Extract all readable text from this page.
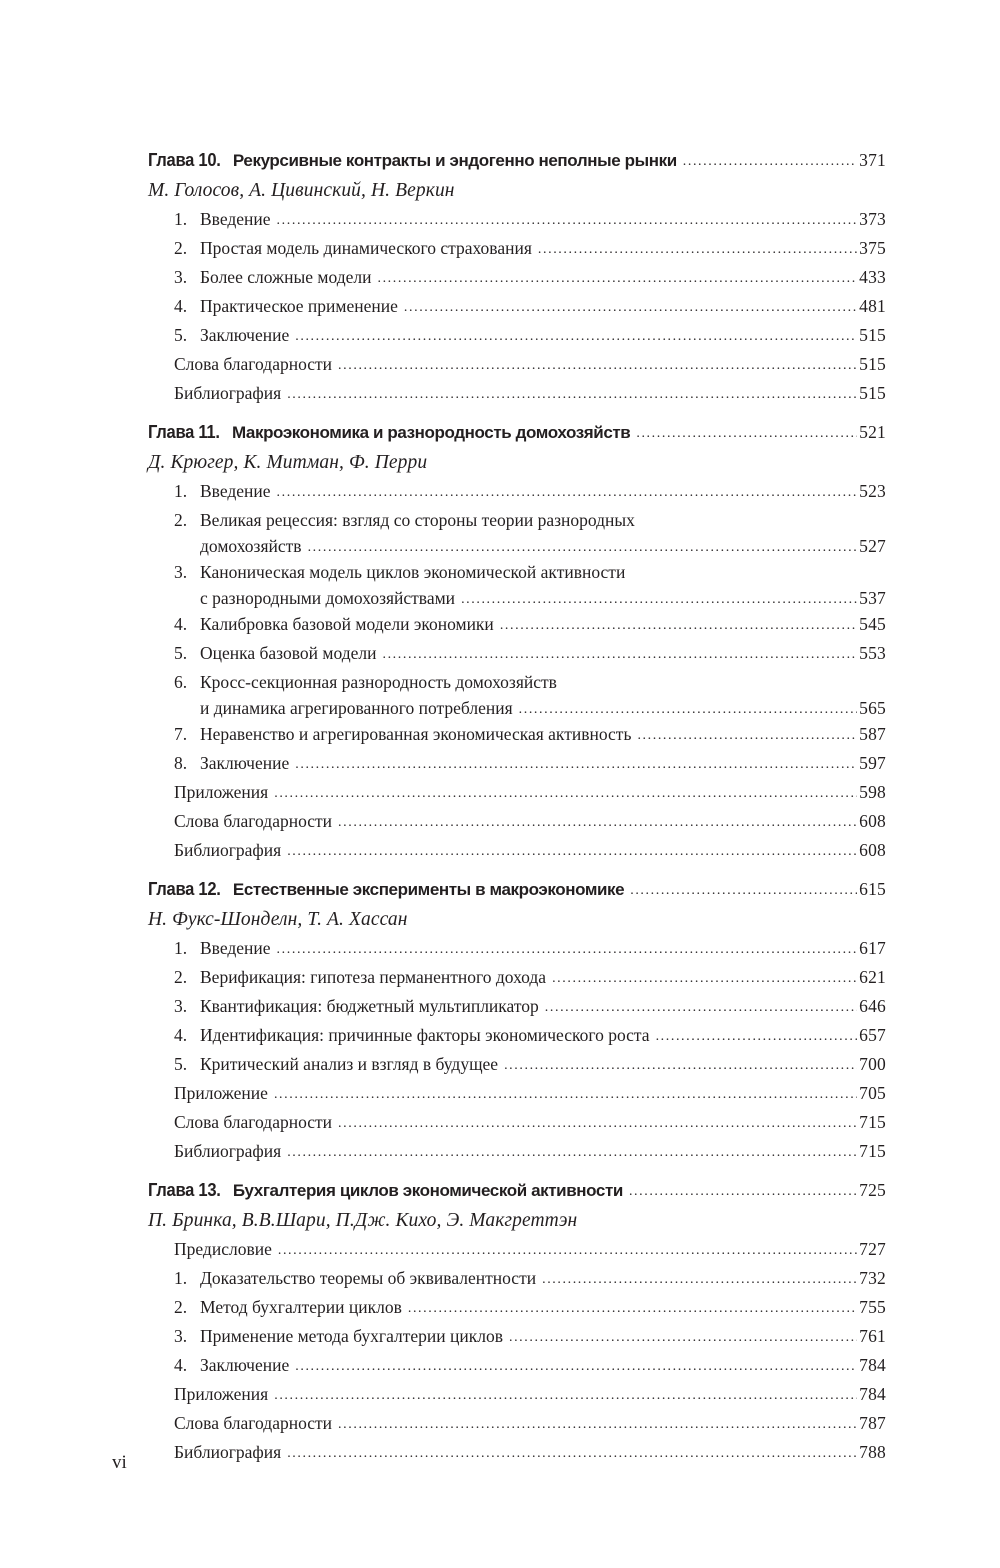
Глава 10. Рекурсивные контракты и эндогенно неполные рынки .....	371
М. Голосов, А. Цивинский, Н. Веркин
1. Введение .....	373
2. Простая модель динамического страхования .....	375
3. Более сложные модели .....	433
4. Практическое применение .....	481
5. Заключение .....	515
Слова благодарности .....	515
Библиография .....	515
Глава 11. Макроэкономика и разнородность домохозяйств .....	521
Д. Крюгер, К. Митман, Ф. Перри
1. Введение .....	523
2. Великая рецессия: взгляд со стороны теории разнородных
домохозяйств .....	527
3. Каноническая модель циклов экономической активности
с разнородными домохозяйствами .....	537
4. Калибровка базовой модели экономики .....	545
5. Оценка базовой модели .....	553
6. Кросс-секционная разнородность домохозяйств
и динамика агрегированного потребления .....	565
7. Неравенство и агрегированная экономическая активность .....	587
8. Заключение .....	597
Приложения .....	598
Слова благодарности .....	608
Библиография .....	608
Глава 12. Естественные эксперименты в макроэкономике .....	615
Н. Фукс-Шонделн, Т. А. Хассан
1. Введение .....	617
2. Верификация: гипотеза перманентного дохода .....	621
3. Квантификация: бюджетный мультипликатор .....	646
4. Идентификация: причинные факторы экономического роста .....	657
5. Критический анализ и взгляд в будущее .....	700
Приложение .....	705
Слова благодарности .....	715
Библиография .....	715
Глава 13. Бухгалтерия циклов экономической активности .....	725
П. Бринка, В.В.Шари, П.Дж. Кихо, Э. Макгреттэн
Предисловие .....	727
1. Доказательство теоремы об эквивалентности .....	732
2. Метод бухгалтерии циклов .....	755
3. Применение метода бухгалтерии циклов .....	761
4. Заключение .....	784
Приложения .....	784
Слова благодарности .....	787
Библиография .....	788
vi
